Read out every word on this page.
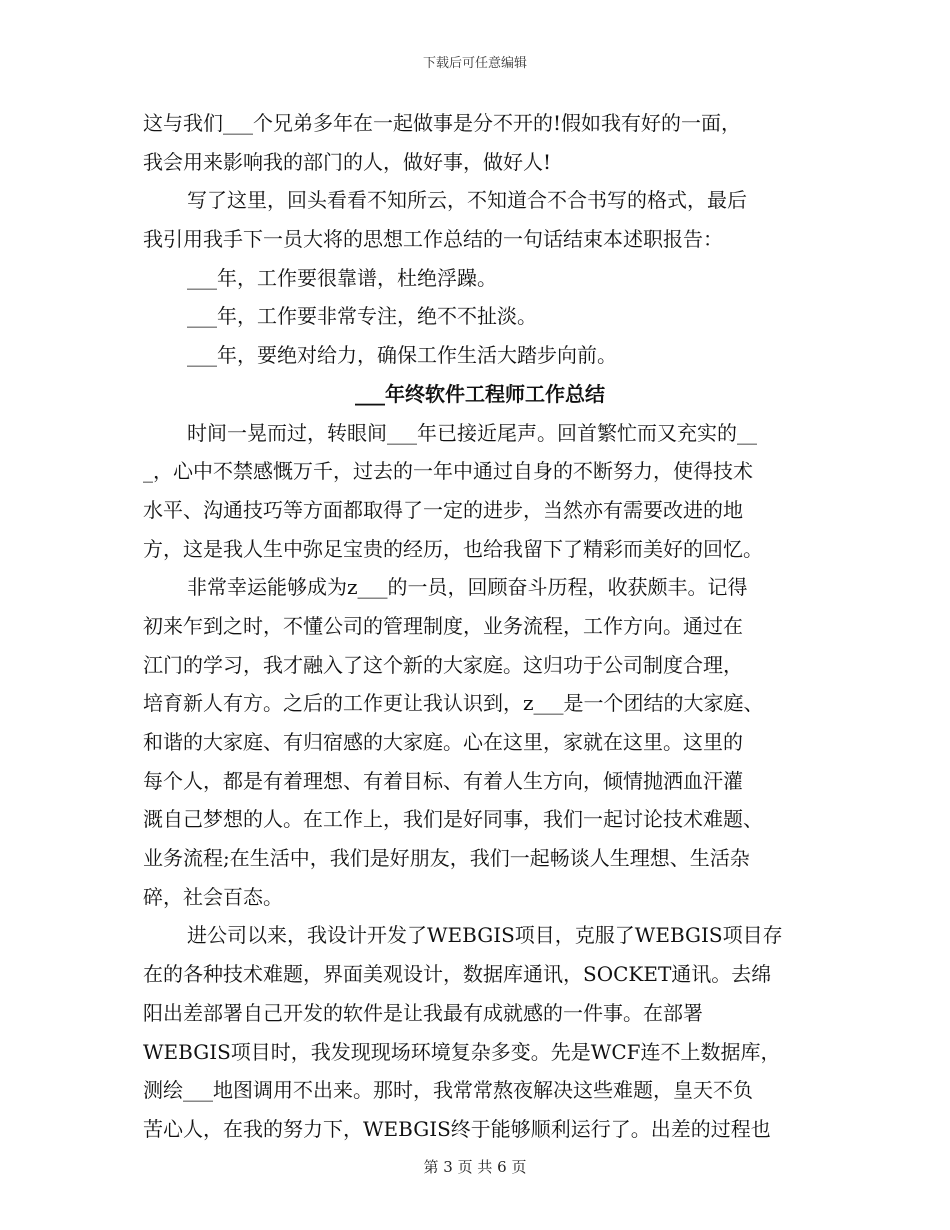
下载后可任意编辑
这与我们___个兄弟多年在一起做事是分不开的!假如我有好的一面，
我会用来影响我的部门的人，做好事，做好人!
写了这里，回头看看不知所云，不知道合不合书写的格式，最后
我引用我手下一员大将的思想工作总结的一句话结束本述职报告：
___年，工作要很靠谱，杜绝浮躁。
___年，工作要非常专注，绝不不扯淡。
___年，要绝对给力，确保工作生活大踏步向前。
___年终软件工程师工作总结
时间一晃而过，转眼间___年已接近尾声。回首繁忙而又充实的__
_，心中不禁感慨万千，过去的一年中通过自身的不断努力，使得技术
水平、沟通技巧等方面都取得了一定的进步，当然亦有需要改进的地
方，这是我人生中弥足宝贵的经历，也给我留下了精彩而美好的回忆。
非常幸运能够成为z___的一员，回顾奋斗历程，收获颇丰。记得
初来乍到之时，不懂公司的管理制度，业务流程，工作方向。通过在
江门的学习，我才融入了这个新的大家庭。这归功于公司制度合理，
培育新人有方。之后的工作更让我认识到，z___是一个团结的大家庭、
和谐的大家庭、有归宿感的大家庭。心在这里，家就在这里。这里的
每个人，都是有着理想、有着目标、有着人生方向，倾情抛洒血汗灌
溉自己梦想的人。在工作上，我们是好同事，我们一起讨论技术难题、
业务流程;在生活中，我们是好朋友，我们一起畅谈人生理想、生活杂
碎，社会百态。
进公司以来，我设计开发了WEBGIS项目，克服了WEBGIS项目存
在的各种技术难题，界面美观设计，数据库通讯，SOCKET通讯。去绵
阳出差部署自己开发的软件是让我最有成就感的一件事。在部署
WEBGIS项目时，我发现现场环境复杂多变。先是WCF连不上数据库，
测绘___地图调用不出来。那时，我常常熬夜解决这些难题，皇天不负
苦心人，在我的努力下，WEBGIS终于能够顺利运行了。出差的过程也
第 3 页 共 6 页
